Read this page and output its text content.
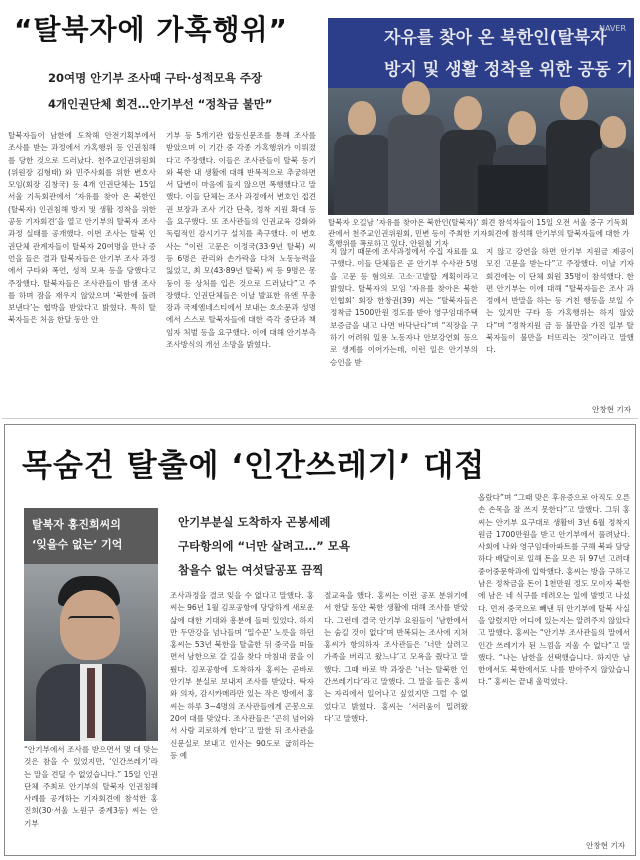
“탈북자에 가혹행위”
20여명 안기부 조사때 구타·성적모욕 주장
4개인권단체 회견…안기부선 “정착금 불만”
자유를 찾아 온 북한인(탈북자
방지 및 생활 정착을 위한 공동 기
NAVER
탈북자 오길남 ‘자유를 찾아온 북한인(탈북자)’ 회견 참석자들이 15일 오전 서울 중구 기독회관에서 천주교인권위원회, 민변 등이 주최한 기자회견에 참석해 안기부의 탈북자들에 대한 가혹행위를 폭로하고 있다. 안원철 기자
탈북자들이 남한에 도착해 안전기획부에서 조사를 받는 과정에서 가혹행위 등 인권침해를 당한 것으로 드러났다. 천주교인권위원회(위원장 김형태) 와 민주사회를 위한 변호사모임(회장 김창국) 등 4개 인권단체는 15일 서울 기독회관에서 ‘자유를 찾아 온 북한인(탈북자) 인권침해 방지 및 생활 정착을 위한 공동 기자회견’을 열고 안기부의 탈북자 조사과정 실태를 공개했다. 이번 조사는 탈북 인권단체 관계자들이 탈북자 20여명을 만나 증언을 들은 결과 탈북자들은 안기부 조사 과정에서 구타와 폭언, 성적 모욕 등을 당했다고 주장했다. 탈북자들은 조사관들이 밤샘 조사를 하며 잠을 재우지 않았으며 ‘북한에 돌려보낸다’는 협박을 받았다고 밝혔다. 특히 탈북자들은 처음 한달 동안 안
기부 등 5개기관 합동신문조를 통해 조사를 받았으며 이 기간 중 각종 가혹행위가 이뤄졌다고 주장했다. 이들은 조사관들이 탈북 동기와 북한 내 생활에 대해 반복적으로 추궁하면서 답변이 마음에 들지 않으면 폭행했다고 말했다. 이들 단체는 조사 과정에서 변호인 접견권 보장과 조사 기간 단축, 정착 지원 확대 등을 요구했다. 또 조사관들의 인권교육 강화와 독립적인 감시기구 설치를 촉구했다. 이 변호사는 “이런 고문은 이정국(33·9년 탈북) 씨 등 6명은 관리와 손가락을 다쳐 노동능력을 잃었고, 최 모(43·89년 탈북) 씨 등 9명은 몽둥이 등 상처를 입은 것으로 드러났다”고 주장했다. 인권단체들은 이날 발표한 유엔 무총장과 국제엠네스티에서 보내는 호소문과 성명에서 스스로 탈북자들에 대한 즉각 중단과 책임자 처벌 등을 요구했다. 이에 대해 안기부측 조사방식의 개선 소망을 밝혔다.
지 않기 때문에 조사과정에서 수집 자료를 요구했다. 이들 단체들은 곧 안기부 수사관 5명을 고문 등 혐의로 고소·고발할 계획이라고 밝혔다. 탈북자의 모임 ‘자유를 찾아온 북한인협회’ 회장 한창권(39) 씨는 “탈북자들은 정착금 1500만원 정도를 받아 영구임대주택 보증금을 내고 나면 바닥난다”며 “직장을 구하기 어려워 일용 노동자나 안보강연회 등으로 생계를 이어가는데, 이런 일은 안기부의 승인을 받
지 않고 강연을 하면 안기부 지원금 제공이 모진 고문을 받는다”고 주장했다. 이날 기자회견에는 이 단체 회원 35명이 참석했다. 한편 안기부는 이에 대해 “탈북자들은 조사 과정에서 반말을 하는 등 거친 행동을 보일 수는 있지만 구타 등 가혹행위는 하지 않았다”며 “정착지원 금 등 불만을 가진 일부 탈북자들이 불만을 터뜨리는 것”이라고 말했다.
안창현 기자
목숨건 탈출에 ‘인간쓰레기’ 대접
탈북자 홍진희씨의
‘잊을수 없는’ 기억
안기부분실 도착하자 곤봉세례
구타항의에 “너만 살려고…” 모욕
참을수 없는 여섯달공포 끔찍
“안기부에서 조사를 받으면서 몇 대 맞는 것은 참을 수 있었지만, ‘인간쓰레기’라는 말을 견딜 수 없었습니다.” 15일 인권단체 주최로 안기부의 탈북자 인권침해 사례를 공개하는 기자회견에 참석한 홍진희(30·서울 노원구 중계3동) 씨는 안기부
조사과정을 결코 잊을 수 없다고 말했다. 홍씨는 96년 1월 김포공항에 당당하게 새로운 삶에 대한 기대와 흥분에 들떠 있었다. 하지만 두만강을 넘나들며 ‘밀수꾼’ 노릇을 하던 홍씨는 53년 북한을 탈출한 뒤 중국을 떠돌면서 남한으로 갈 길을 찾다 마침내 꿈을 이뤘다. 김포공항에 도착하자 홍씨는 곧바로 안기부 분실로 보내져 조사를 받았다. 탁자와 의자, 감시카메라만 있는 작은 방에서 홍씨는 하루 3~4명의 조사관들에게 곤봉으로 20여 대를 맞았다. 조사관들은 ‘곤히 넘어와서 사람 괴로하게 한다’고 말한 뒤 조사관을 신문실로 보내고 인사는 90도로 굽히라는 등 예
절교육을 했다. 홍씨는 이런 공포 분위기에서 한달 동안 북한 생활에 대해 조사를 받았다. 그런데 결국 안기부 요원들이 ‘남한에서는 숨길 것이 없다’며 반복되는 조사에 지쳐 홍씨가 항의하자 조사관들은 ‘너만 살려고 가족을 버리고 왔느냐’고 모욕을 줬다고 말했다. 그때 바로 박 과장은 ‘너는 탈북한 인간쓰레기다’라고 말했다. 그 말을 들은 홍씨는 자리에서 일어나고 싶었지만 그럴 수 없었다고 밝혔다. 홍씨는 ‘서러움이 밀려왔다’고 말했다.
올랐다”며 “그때 맞은 후유증으로 아직도 오른손 손목을 잘 쓰지 못한다”고 말했다. 그뒤 홍씨는 안기부 요구대로 생활비 3년 6월 정착지원금 1700만원을 받고 안기부에서 풀려났다. 사회에 나와 영구임대아파트를 구해 북파 담당하다 배달이로 일해 돈을 모은 뒤 97년 고려대 중어중문학과에 입학했다. 홍씨는 방을 구하고 남은 정착금을 돈이 1천만원 정도 모이자 북한에 남은 네 식구를 데려오는 일에 발벗고 나섰다. 먼저 중국으로 빼낸 뒤 안기부에 탈북 사실을 알렸지만 어디에 있는지는 알려주지 않았다고 말했다. 홍씨는 “안기부 조사관들의 말에서 인간 쓰레기가 된 느낌을 지울 수 없다”고 말했다. “나는 남한을 선택했습니다. 하지만 남한에서도 북한에서도 나를 받아주지 않았습니다.” 홍씨는 끝내 울먹였다.
안창현 기자
